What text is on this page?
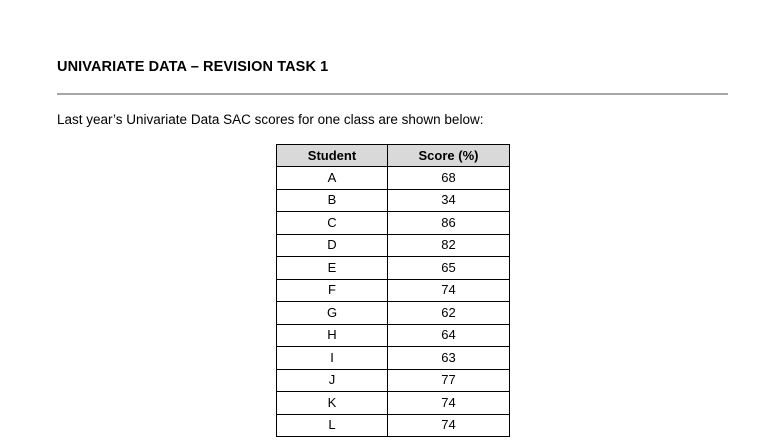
UNIVARIATE DATA – REVISION TASK 1
Last year’s Univariate Data SAC scores for one class are shown below:
Student	Score (%)
A	68
B	34
C	86
D	82
E	65
F	74
G	62
H	64
I	63
J	77
K	74
L	74
